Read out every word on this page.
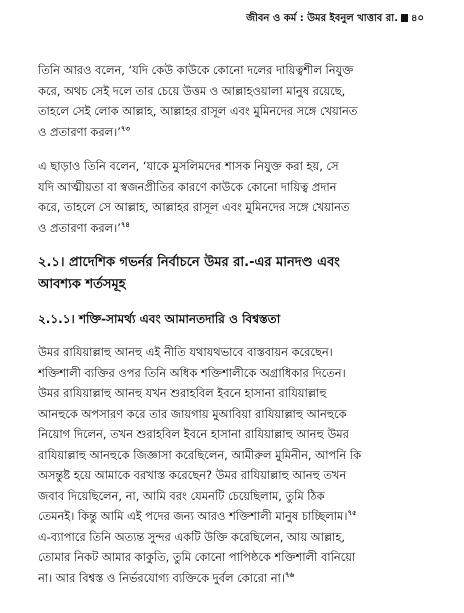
জীবন ও কর্ম : উমর ইবনুল খাত্তাব রা. ৪০

তিনি আরও বলেন, ‘যদি কেউ কাউকে কোনো দলের দায়িত্বশীল নিযুক্ত

করে, অথচ সেই দলে তার চেয়ে উত্তম ও আল্লাহওয়ালা মানুষ রয়েছে,

তাহলে সেই লোক আল্লাহ, আল্লাহর রাসূল এবং মুমিনদের সঙ্গে খেয়ানত

ও প্রতারণা করল।’$^{৭৩}$

এ ছাড়াও তিনি বলেন, ‘যাকে মুসলিমদের শাসক নিযুক্ত করা হয়, সে

যদি আত্মীয়তা বা স্বজনপ্রীতির কারণে কাউকে কোনো দায়িত্ব প্রদান

করে, তাহলে সে আল্লাহ, আল্লাহর রাসূল এবং মুমিনদের সঙ্গে খেয়ানত

ও প্রতারণা করল।’$^{৭৪}$

২.১। প্রাদেশিক গভর্নর নির্বাচনে উমর রা.-এর মানদণ্ড এবং
আবশ্যক শর্তসমূহ
২.১.১। শক্তি-সামর্থ্য এবং আমানতদারি ও বিশ্বস্ততা

উমর রাযিয়াল্লাহু আনহু এই নীতি যথাযথভাবে বাস্তবায়ন করেছেন।

শক্তিশালী ব্যক্তির ওপর তিনি অধিক শক্তিশালীকে অগ্রাধিকার দিতেন।

উমর রাযিয়াল্লাহু আনহু যখন শুরাহবিল ইবনে হাসানা রাযিয়াল্লাহু

আনহুকে অপসারণ করে তার জায়গায় মুআবিয়া রাযিয়াল্লাহু আনহুকে

নিয়োগ দিলেন, তখন শুরাহবিল ইবনে হাসানা রাযিয়াল্লাহু আনহু উমর

রাযিয়াল্লাহু আনহুকে জিজ্ঞাসা করেছিলেন, আমীরুল মুমিনীন, আপনি কি

অসন্তুষ্ট হয়ে আমাকে বরখাস্ত করেছেন? উমর রাযিয়াল্লাহু আনহু তখন

জবাব দিয়েছিলেন, না, আমি বরং যেমনটি চেয়েছিলাম, তুমি ঠিক

তেমনই। কিন্তু আমি এই পদের জন্য আরও শক্তিশালী মানুষ চাচ্ছিলাম।$^{৭৫}$

এ-ব্যাপারে তিনি অত্যন্ত সুন্দর একটি উক্তি করেছিলেন, আয় আল্লাহ,

তোমার নিকট আমার কাকুতি, তুমি কোনো পাপিষ্ঠকে শক্তিশালী বানিয়ো

না। আর বিশ্বস্ত ও নির্ভরযোগ্য ব্যক্তিকে দুর্বল কোরো না।$^{৭৬}$
